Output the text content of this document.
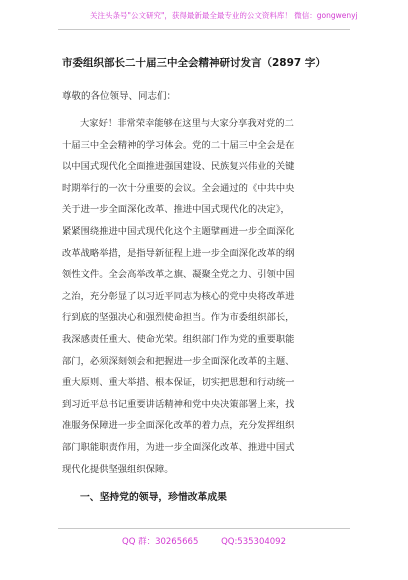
关注头条号"公文研究"，获得最新最全最专业的公文资料库！ 微信：gongwenyj
市委组织部长二十届三中全会精神研讨发言（2897 字）
尊敬的各位领导、同志们：
大家好！非常荣幸能够在这里与大家分享我对党的二
十届三中全会精神的学习体会。党的二十届三中全会是在
以中国式现代化全面推进强国建设、民族复兴伟业的关键
时期举行的一次十分重要的会议。全会通过的《中共中央
关于进一步全面深化改革、推进中国式现代化的决定》，
紧紧围绕推进中国式现代化这个主题擘画进一步全面深化
改革战略举措，是指导新征程上进一步全面深化改革的纲
领性文件。全会高举改革之旗、凝聚全党之力、引领中国
之治，充分彰显了以习近平同志为核心的党中央将改革进
行到底的坚强决心和强烈使命担当。作为市委组织部长，
我深感责任重大、使命光荣。组织部门作为党的重要职能
部门，必须深刻领会和把握进一步全面深化改革的主题、
重大原则、重大举措、根本保证，切实把思想和行动统一
到习近平总书记重要讲话精神和党中央决策部署上来，找
准服务保障进一步全面深化改革的着力点，充分发挥组织
部门职能职责作用，为进一步全面深化改革、推进中国式
现代化提供坚强组织保障。
一、坚持党的领导，珍惜改革成果
QQ 群：30265665	QQ:535304092
